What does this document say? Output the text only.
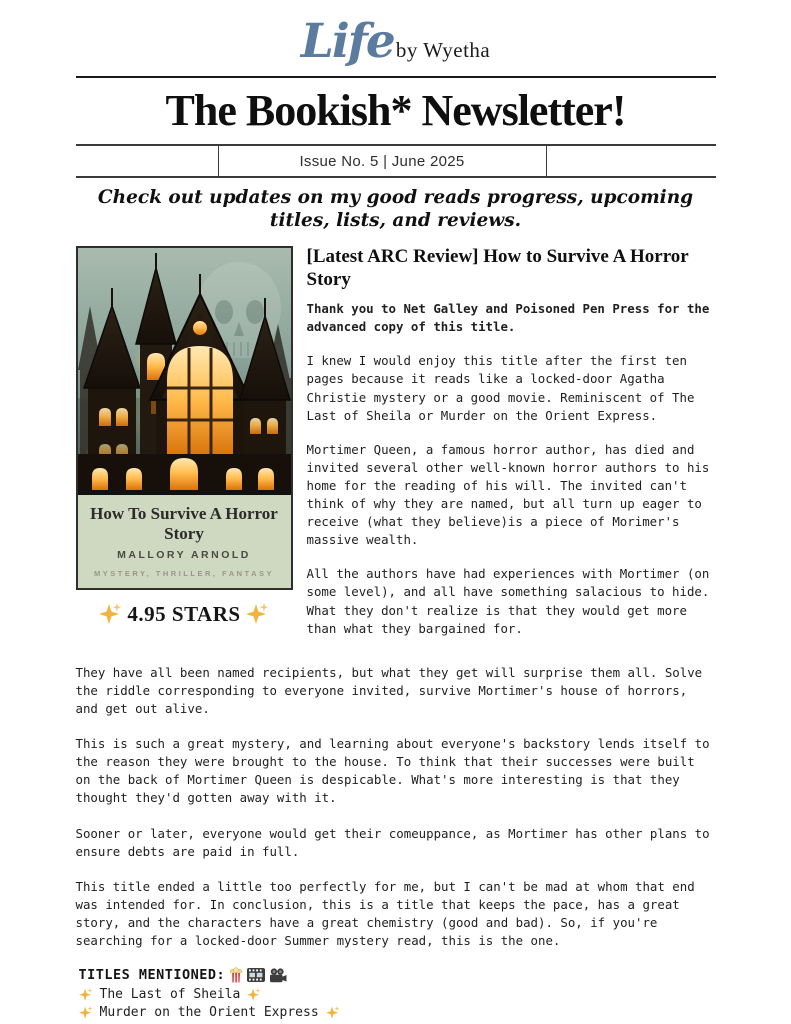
Life by Wyetha
The Bookish* Newsletter!
Issue No. 5 | June 2025
Check out updates on my good reads progress, upcoming titles, lists, and reviews.
How To Survive A Horror Story
MALLORY ARNOLD
MYSTERY, THRILLER, FANTASY
4.95 STARS
[Latest ARC Review] How to Survive A Horror Story

Thank you to Net Galley and Poisoned Pen Press for the advanced copy of this title.

I knew I would enjoy this title after the first ten pages because it reads like a locked-door Agatha Christie mystery or a good movie. Reminiscent of The Last of Sheila or Murder on the Orient Express.

Mortimer Queen, a famous horror author, has died and invited several other well-known horror authors to his home for the reading of his will. The invited can't think of why they are named, but all turn up eager to receive (what they believe)is a piece of Morimer's massive wealth.

All the authors have had experiences with Mortimer (on some level), and all have something salacious to hide. What they don't realize is that they would get more than what they bargained for.

They have all been named recipients, but what they get will surprise them all. Solve the riddle corresponding to everyone invited, survive Mortimer's house of horrors, and get out alive.

This is such a great mystery, and learning about everyone's backstory lends itself to the reason they were brought to the house. To think that their successes were built on the back of Mortimer Queen is despicable. What's more interesting is that they thought they'd gotten away with it.

Sooner or later, everyone would get their comeuppance, as Mortimer has other plans to ensure debts are paid in full.

This title ended a little too perfectly for me, but I can't be mad at whom that end was intended for. In conclusion, this is a title that keeps the pace, has a great story, and the characters have a great chemistry (good and bad). So, if you're searching for a locked-door Summer mystery read, this is the one.

TITLES MENTIONED:
The Last of Sheila
Murder on the Orient Express
